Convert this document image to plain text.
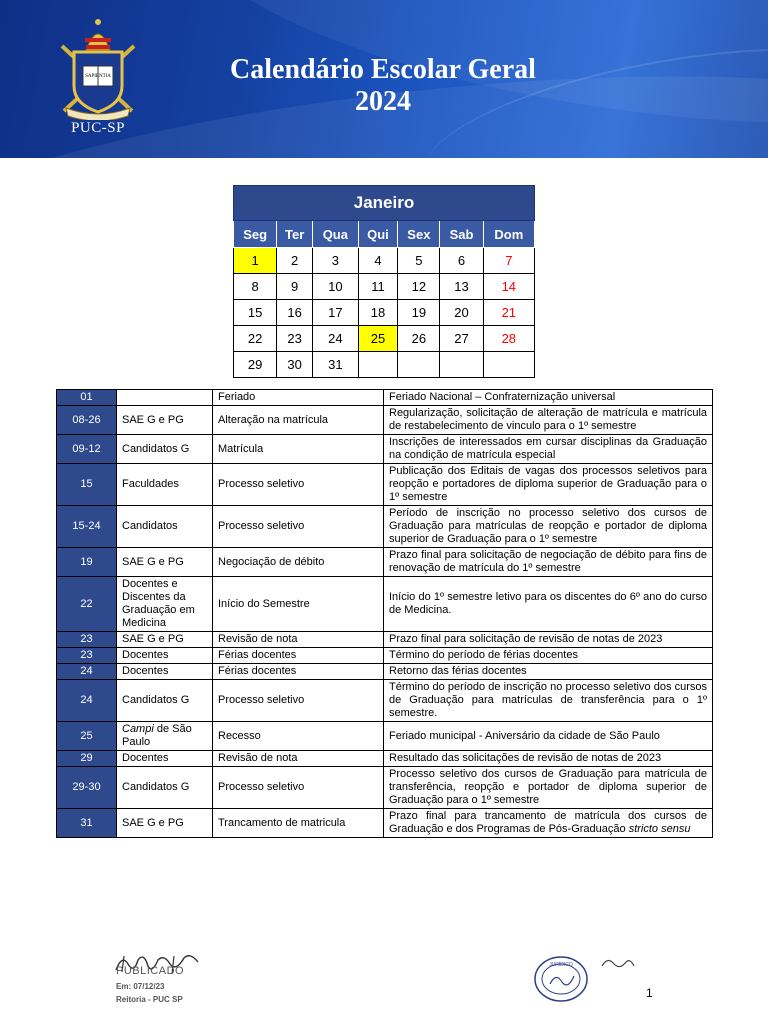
SAPIENTIA
PUC-SP
Calendário Escolar Geral
2024
Janeiro						
Seg	Ter	Qua	Qui	Sex	Sab	Dom
1	2	3	4	5	6	7
8	9	10	11	12	13	14
15	16	17	18	19	20	21
22	23	24	25	26	27	28
29	30	31				
01		Feriado	Feriado Nacional – Confraternização universal
08-26	SAE G e PG	Alteração na matrícula	Regularização, solicitação de alteração de matrícula e matrícula de restabelecimento de vinculo para o 1º semestre
09-12	Candidatos G	Matrícula	Inscrições de interessados em cursar disciplinas da Graduação na condição de matrícula especial
15	Faculdades	Processo seletivo	Publicação dos Editais de vagas dos processos seletivos para reopção e portadores de diploma superior de Graduação para o 1º semestre
15-24	Candidatos	Processo seletivo	Período de inscrição no processo seletivo dos cursos de Graduação para matrículas de reopção e portador de diploma superior de Graduação para o 1º semestre
19	SAE G e PG	Negociação de débito	Prazo final para solicitação de negociação de débito para fins de renovação de matrícula do 1º semestre
22	Docentes e Discentes da Graduação em Medicina	Início do Semestre	Início do 1º semestre letivo para os discentes do 6º ano do curso de Medicina.
23	SAE G e PG	Revisão de nota	Prazo final para solicitação de revisão de notas de 2023
23	Docentes	Férias docentes	Término do período de férias docentes
24	Docentes	Férias docentes	Retorno das férias docentes
24	Candidatos G	Processo seletivo	Término do período de inscrição no processo seletivo dos cursos de Graduação para matrículas de transferência para o 1º semestre.
25	Campi de São Paulo	Recesso	Feriado municipal - Aniversário da cidade de São Paulo
29	Docentes	Revisão de nota	Resultado das solicitações de revisão de notas de 2023
29-30	Candidatos G	Processo seletivo	Processo seletivo dos cursos de Graduação para matrícula de transferência, reopção e portador de diploma superior de Graduação para o 1º semestre
31	SAE G e PG	Trancamento de matricula	Prazo final para trancamento de matrícula dos cursos de Graduação e dos Programas de Pós-Graduação stricto sensu
PUBLICADO
Em: 07/12/23
Reitoria - PUC SP
JURÍDICO
1
